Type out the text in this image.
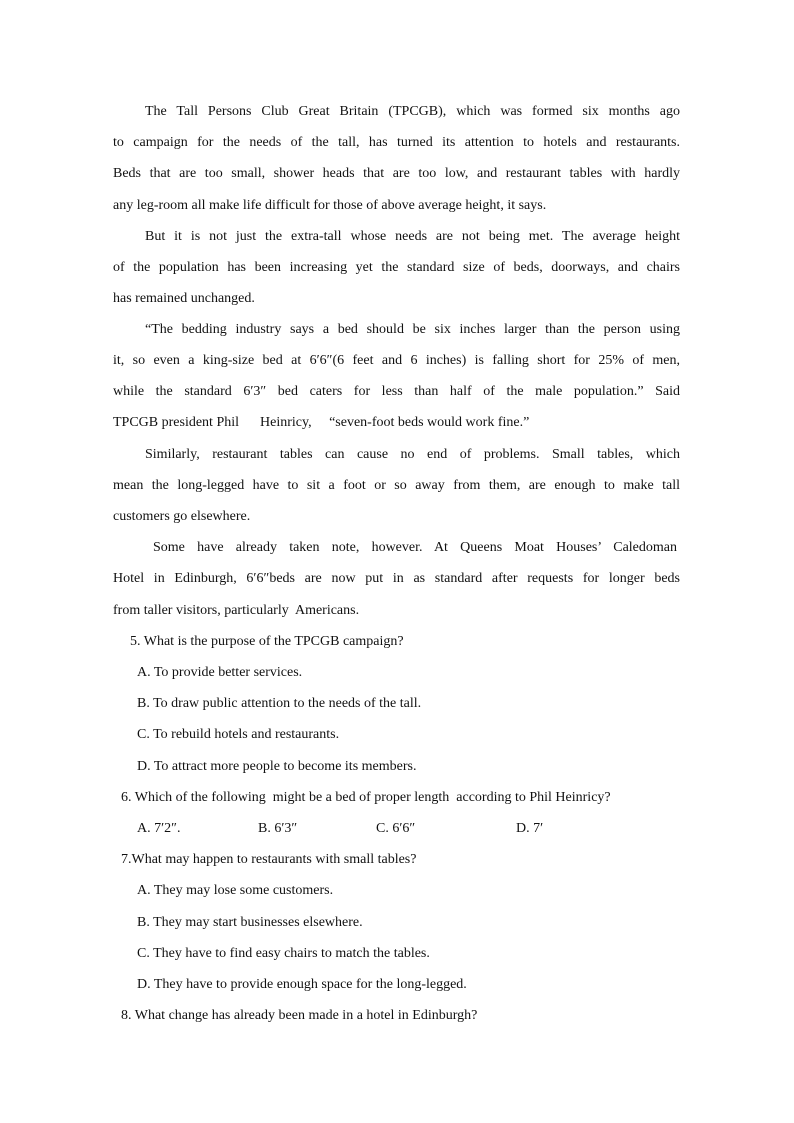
The Tall Persons Club Great Britain (TPCGB), which was formed six months ago
to campaign for the needs of the tall, has turned its attention to hotels and restaurants.
Beds that are too small, shower heads that are too low, and restaurant tables with hardly
any leg-room all make life difficult for those of above average height, it says.
But it is not just the extra-tall whose needs are not being met. The average height
of the population has been increasing yet the standard size of beds, doorways, and chairs
has remained unchanged.
“The bedding industry says a bed should be six inches larger than the person using
it, so even a king-size bed at 6′6″(6 feet and 6 inches) is falling short for 25% of men,
while the standard 6′3″ bed caters for less than half of the male population.” Said
TPCGB president Phil      Heinricy,     “seven-foot beds would work fine.”
Similarly, restaurant tables can cause no end of problems. Small tables, which
mean the long-legged have to sit a foot or so away from them, are enough to make tall
customers go elsewhere.
Some have already taken note, however. At Queens Moat Houses’ Caledoman
Hotel in Edinburgh, 6′6″beds are now put in as standard after requests for longer beds
from taller visitors, particularly  Americans.
5. What is the purpose of the TPCGB campaign?
A. To provide better services.
B. To draw public attention to the needs of the tall.
C. To rebuild hotels and restaurants.
D. To attract more people to become its members.
6. Which of the following  might be a bed of proper length  according to Phil Heinricy?
A. 7′2″.	B. 6′3″	C. 6′6″	D. 7′
7.What may happen to restaurants with small tables?
A. They may lose some customers.
B. They may start businesses elsewhere.
C. They have to find easy chairs to match the tables.
D. They have to provide enough space for the long-legged.
8. What change has already been made in a hotel in Edinburgh?
